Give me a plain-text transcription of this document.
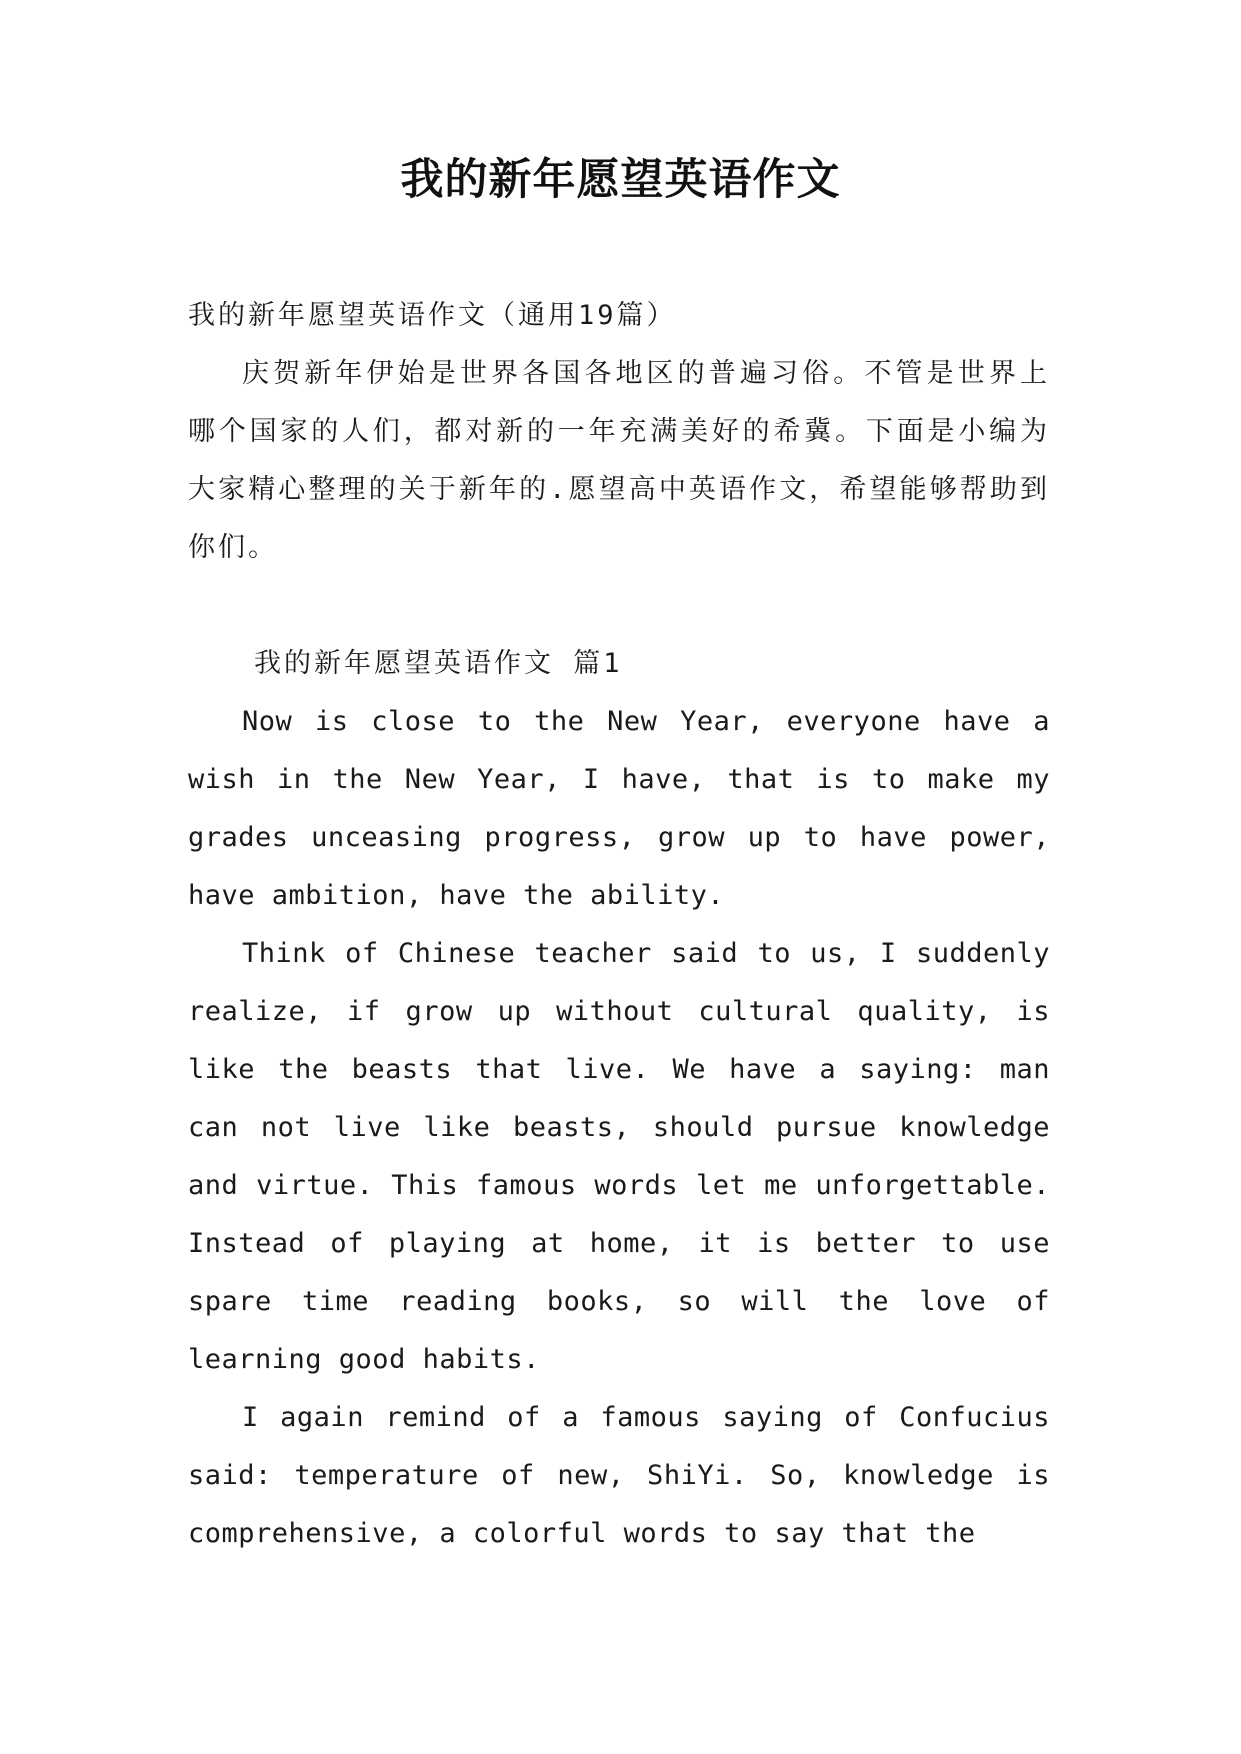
我的新年愿望英语作文

我的新年愿望英语作文（通用19篇）

庆贺新年伊始是世界各国各地区的普遍习俗。不管是世界上哪个国家的人们，都对新的一年充满美好的希冀。下面是小编为大家精心整理的关于新年的.愿望高中英语作文，希望能够帮助到你们。

我的新年愿望英语作文 篇1

Now is close to the New Year, everyone have a wish in the New Year, I have, that is to make my grades unceasing progress, grow up to have power, have ambition, have the ability.

Think of Chinese teacher said to us, I suddenly realize, if grow up without cultural quality, is like the beasts that live. We have a saying: man can not live like beasts, should pursue knowledge and virtue. This famous words let me unforgettable. Instead of playing at home, it is better to use spare time reading books, so will the love of learning good habits.

I again remind of a famous saying of Confucius said: temperature of new, ShiYi. So, knowledge is comprehensive, a colorful words to say that the
